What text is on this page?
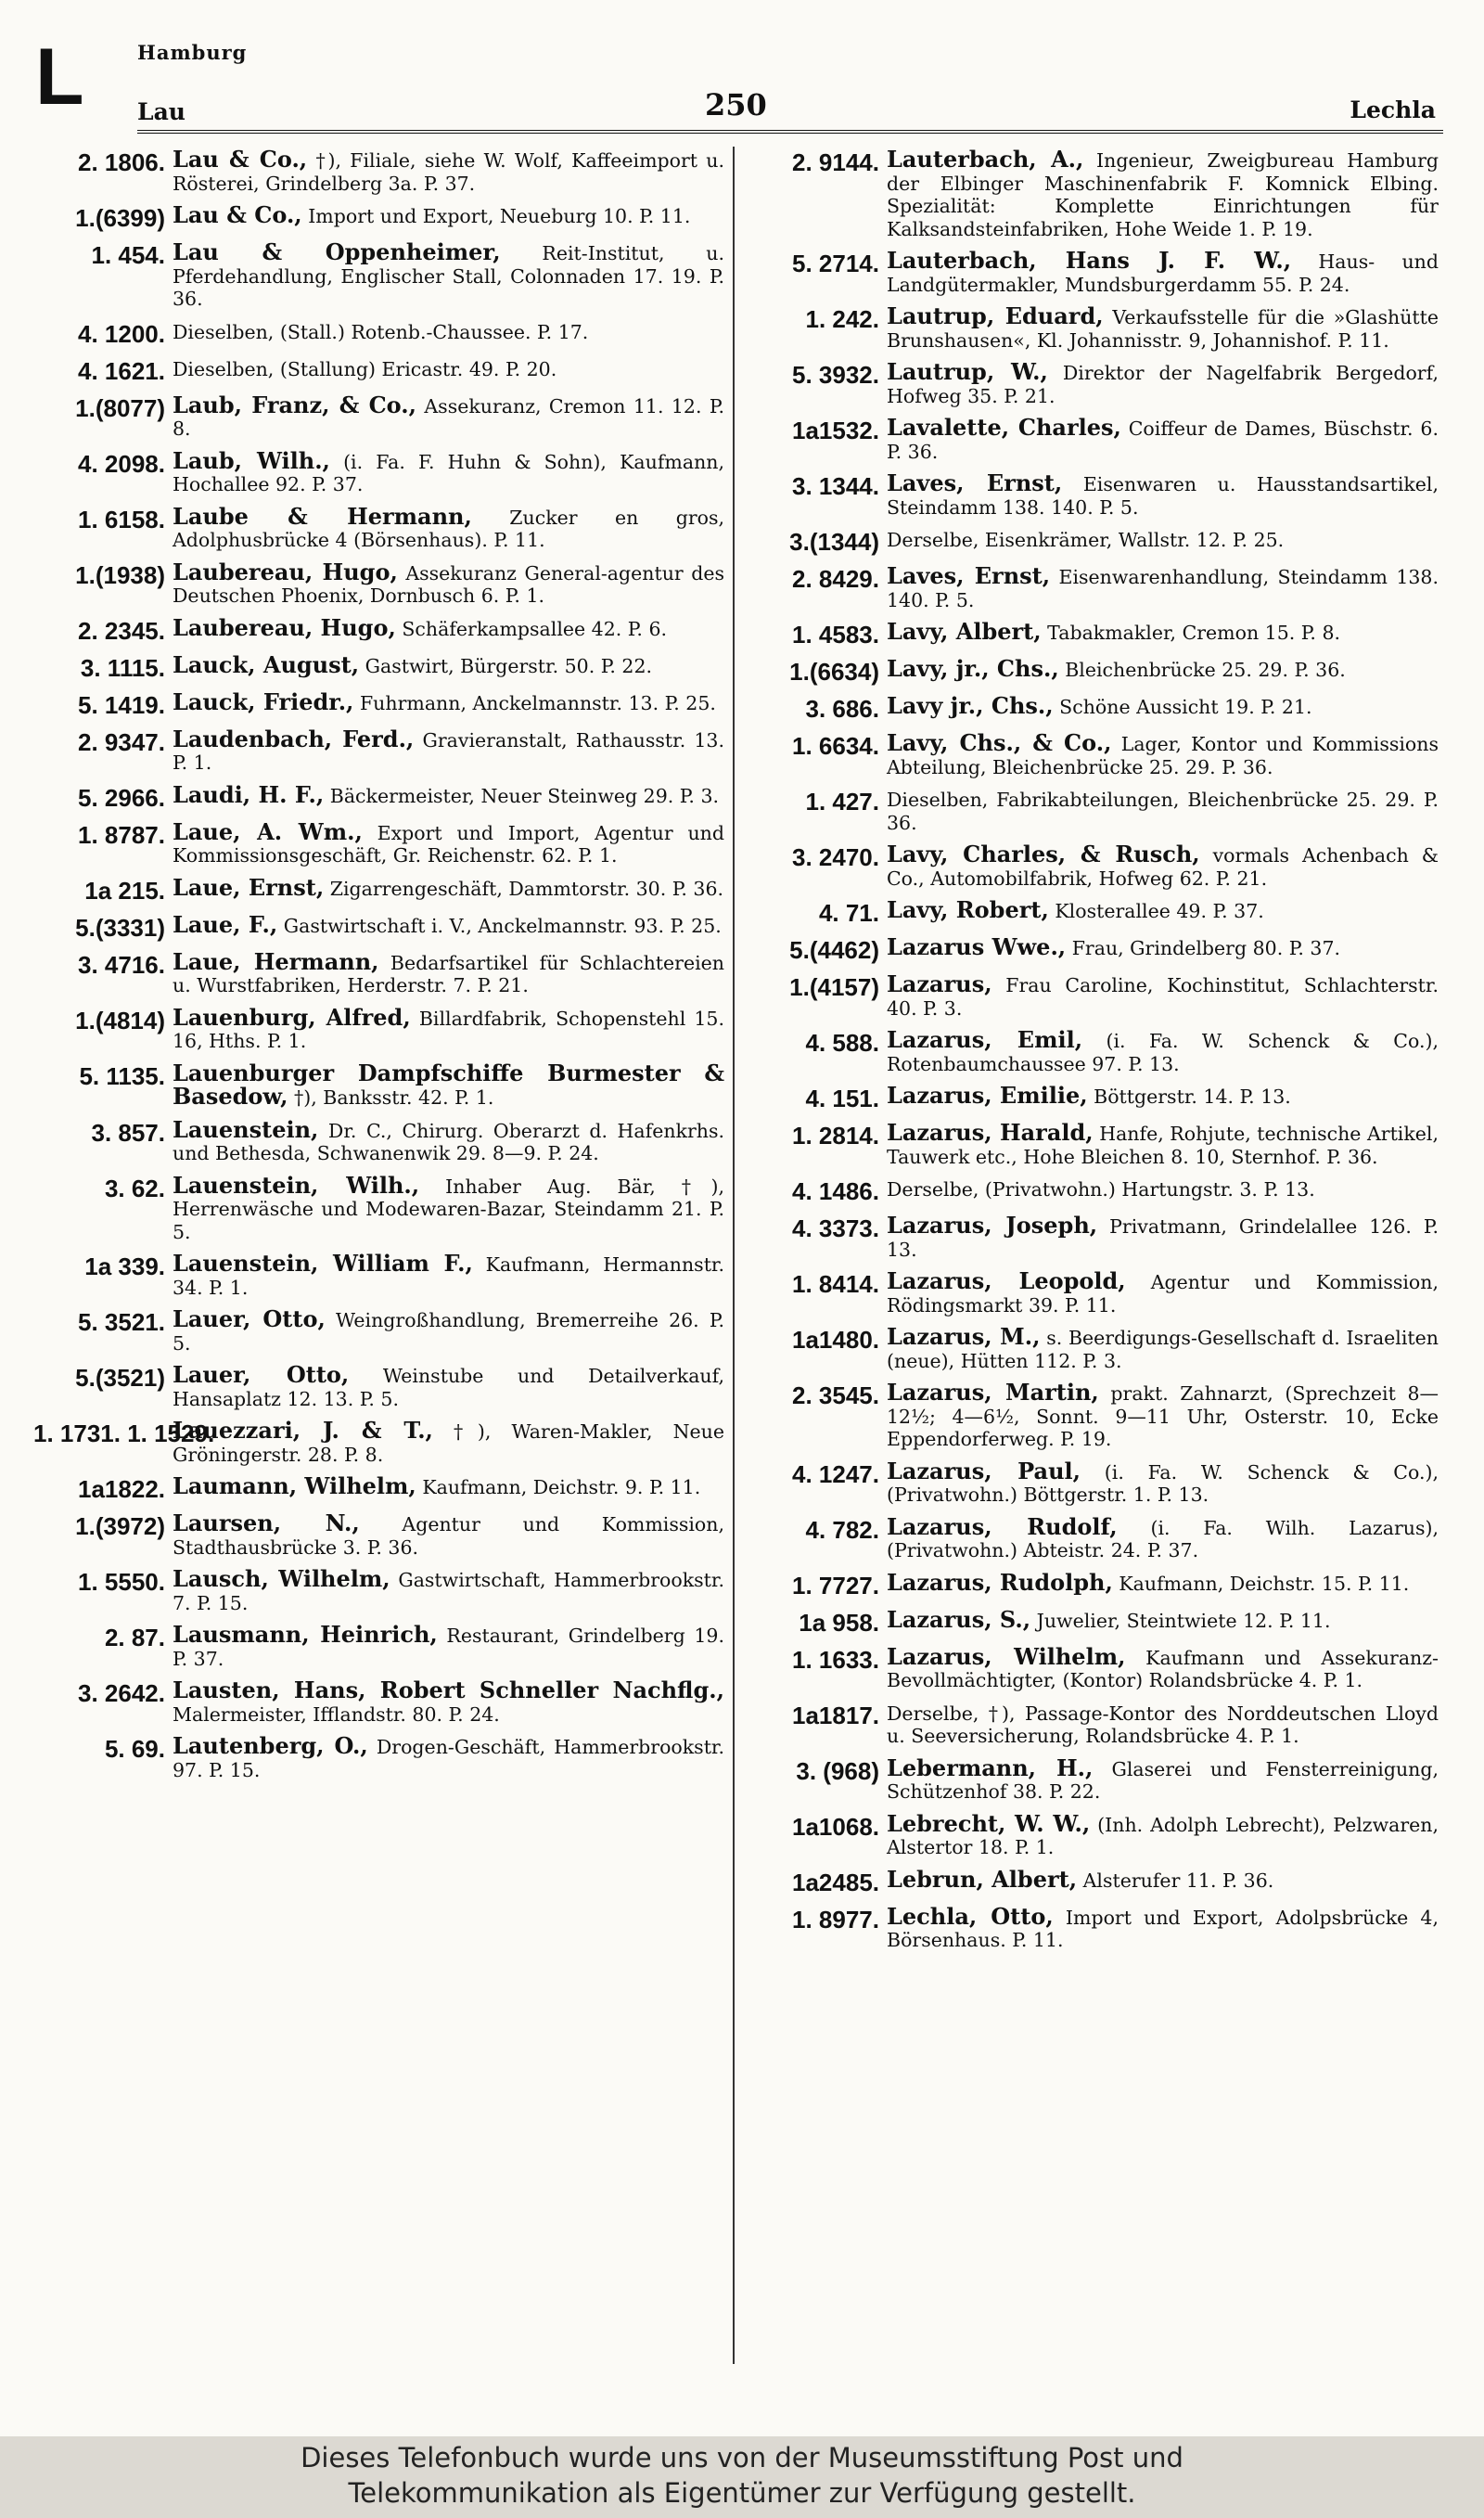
L	Hamburg
Lau	250	Lechla
2. 1806. Lau & Co., †), Filiale, siehe W. Wolf, Kaffeeimport u. Rösterei, Grindelberg 3a. P. 37.
1.(6399) Lau & Co., Import und Export, Neueburg 10. P. 11.
1. 454. Lau & Oppenheimer, Reit-Institut, u. Pferdehandlung, Englischer Stall, Colonnaden 17. 19. P. 36.
4. 1200. Dieselben, (Stall.) Rotenb.-Chaussee. P. 17.
4. 1621. Dieselben, (Stallung) Ericastr. 49. P. 20.
1.(8077) Laub, Franz, & Co., Assekuranz, Cremon 11. 12. P. 8.
4. 2098. Laub, Wilh., (i. Fa. F. Huhn & Sohn), Kaufmann, Hochallee 92. P. 37.
1. 6158. Laube & Hermann, Zucker en gros, Adolphusbrücke 4 (Börsenhaus). P. 11.
1.(1938) Laubereau, Hugo, Assekuranz General-agentur des Deutschen Phoenix, Dornbusch 6. P. 1.
2. 2345. Laubereau, Hugo, Schäferkampsallee 42. P. 6.
3. 1115. Lauck, August, Gastwirt, Bürgerstr. 50. P. 22.
5. 1419. Lauck, Friedr., Fuhrmann, Anckelmannstr. 13. P. 25.
2. 9347. Laudenbach, Ferd., Gravieranstalt, Rathausstr. 13. P. 1.
5. 2966. Laudi, H. F., Bäckermeister, Neuer Steinweg 29. P. 3.
1. 8787. Laue, A. Wm., Export und Import, Agentur und Kommissionsgeschäft, Gr. Reichenstr. 62. P. 1.
1a 215. Laue, Ernst, Zigarrengeschäft, Dammtorstr. 30. P. 36.
5.(3331) Laue, F., Gastwirtschaft i. V., Anckelmannstr. 93. P. 25.
3. 4716. Laue, Hermann, Bedarfsartikel für Schlachtereien u. Wurstfabriken, Herderstr. 7. P. 21.
1.(4814) Lauenburg, Alfred, Billardfabrik, Schopenstehl 15. 16, Hths. P. 1.
5. 1135. Lauenburger Dampfschiffe Burmester & Basedow, †), Banksstr. 42. P. 1.
3. 857. Lauenstein, Dr. C., Chirurg. Oberarzt d. Hafenkrhs. und Bethesda, Schwanenwik 29. 8—9. P. 24.
3. 62. Lauenstein, Wilh., Inhaber Aug. Bär, †), Herrenwäsche und Modewaren-Bazar, Steindamm 21. P. 5.
1a 339. Lauenstein, William F., Kaufmann, Hermannstr. 34. P. 1.
5. 3521. Lauer, Otto, Weingroßhandlung, Bremerreihe 26. P. 5.
5.(3521) Lauer, Otto, Weinstube und Detailverkauf, Hansaplatz 12. 13. P. 5.
1. 1731. 1. 1529.
Lauezzari, J. & T., †), Waren-Makler, Neue Gröningerstr. 28. P. 8.
1a1822. Laumann, Wilhelm, Kaufmann, Deichstr. 9. P. 11.
1.(3972) Laursen, N., Agentur und Kommission, Stadthausbrücke 3. P. 36.
1. 5550. Lausch, Wilhelm, Gastwirtschaft, Hammerbrookstr. 7. P. 15.
2. 87. Lausmann, Heinrich, Restaurant, Grindelberg 19. P. 37.
3. 2642. Lausten, Hans, Robert Schneller Nachflg., Malermeister, Ifflandstr. 80. P. 24.
5. 69. Lautenberg, O., Drogen-Geschäft, Hammerbrookstr. 97. P. 15.
2. 9144. Lauterbach, A., Ingenieur, Zweigbureau Hamburg der Elbinger Maschinenfabrik F. Komnick Elbing. Spezialität: Komplette Einrichtungen für Kalksandsteinfabriken, Hohe Weide 1. P. 19.
5. 2714. Lauterbach, Hans J. F. W., Haus- und Landgütermakler, Mundsburgerdamm 55. P. 24.
1. 242. Lautrup, Eduard, Verkaufsstelle für die »Glashütte Brunshausen«, Kl. Johannisstr. 9, Johannishof. P. 11.
5. 3932. Lautrup, W., Direktor der Nagelfabrik Bergedorf, Hofweg 35. P. 21.
1a1532. Lavalette, Charles, Coiffeur de Dames, Büschstr. 6. P. 36.
3. 1344. Laves, Ernst, Eisenwaren u. Hausstandsartikel, Steindamm 138. 140. P. 5.
3.(1344) Derselbe, Eisenkrämer, Wallstr. 12. P. 25.
2. 8429. Laves, Ernst, Eisenwarenhandlung, Steindamm 138. 140. P. 5.
1. 4583. Lavy, Albert, Tabakmakler, Cremon 15. P. 8.
1.(6634) Lavy, jr., Chs., Bleichenbrücke 25. 29. P. 36.
3. 686. Lavy jr., Chs., Schöne Aussicht 19. P. 21.
1. 6634. Lavy, Chs., & Co., Lager, Kontor und Kommissions Abteilung, Bleichenbrücke 25. 29. P. 36.
1. 427. Dieselben, Fabrikabteilungen, Bleichenbrücke 25. 29. P. 36.
3. 2470. Lavy, Charles, & Rusch, vormals Achenbach & Co., Automobilfabrik, Hofweg 62. P. 21.
4. 71. Lavy, Robert, Klosterallee 49. P. 37.
5.(4462) Lazarus Wwe., Frau, Grindelberg 80. P. 37.
1.(4157) Lazarus, Frau Caroline, Kochinstitut, Schlachterstr. 40. P. 3.
4. 588. Lazarus, Emil, (i. Fa. W. Schenck & Co.), Rotenbaumchaussee 97. P. 13.
4. 151. Lazarus, Emilie, Böttgerstr. 14. P. 13.
1. 2814. Lazarus, Harald, Hanfe, Rohjute, technische Artikel, Tauwerk etc., Hohe Bleichen 8. 10, Sternhof. P. 36.
4. 1486. Derselbe, (Privatwohn.) Hartungstr. 3. P. 13.
4. 3373. Lazarus, Joseph, Privatmann, Grindelallee 126. P. 13.
1. 8414. Lazarus, Leopold, Agentur und Kommission, Rödingsmarkt 39. P. 11.
1a1480. Lazarus, M., s. Beerdigungs-Gesellschaft d. Israeliten (neue), Hütten 112. P. 3.
2. 3545. Lazarus, Martin, prakt. Zahnarzt, (Sprechzeit 8—12½; 4—6½, Sonnt. 9—11 Uhr, Osterstr. 10, Ecke Eppendorferweg. P. 19.
4. 1247. Lazarus, Paul, (i. Fa. W. Schenck & Co.), (Privatwohn.) Böttgerstr. 1. P. 13.
4. 782. Lazarus, Rudolf, (i. Fa. Wilh. Lazarus), (Privatwohn.) Abteistr. 24. P. 37.
1. 7727. Lazarus, Rudolph, Kaufmann, Deichstr. 15. P. 11.
1a 958. Lazarus, S., Juwelier, Steintwiete 12. P. 11.
1. 1633. Lazarus, Wilhelm, Kaufmann und Assekuranz-Bevollmächtigter, (Kontor) Rolandsbrücke 4. P. 1.
1a1817. Derselbe, †), Passage-Kontor des Norddeutschen Lloyd u. Seeversicherung, Rolandsbrücke 4. P. 1.
3. (968) Lebermann, H., Glaserei und Fensterreinigung, Schützenhof 38. P. 22.
1a1068. Lebrecht, W. W., (Inh. Adolph Lebrecht), Pelzwaren, Alstertor 18. P. 1.
1a2485. Lebrun, Albert, Alsterufer 11. P. 36.
1. 8977. Lechla, Otto, Import und Export, Adolpsbrücke 4, Börsenhaus. P. 11.
Dieses Telefonbuch wurde uns von der Museumsstiftung Post und
Telekommunikation als Eigentümer zur Verfügung gestellt.
